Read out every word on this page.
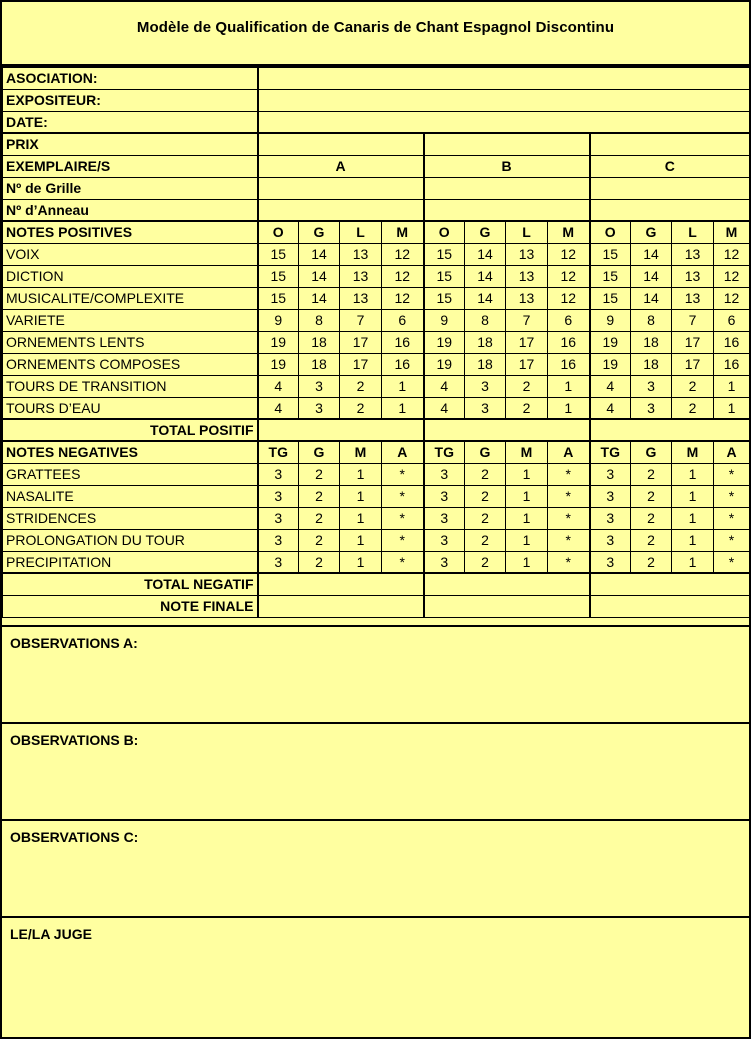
Modèle de Qualification de Canaris de Chant Espagnol Discontinu
ASOCIATION:												
EXPOSITEUR:												
DATE:												
PRIX												
EXEMPLAIRE/S	A				B				C			
Nº de Grille												
Nº d’Anneau												
NOTES POSITIVES	O	G	L	M	O	G	L	M	O	G	L	M
VOIX	15	14	13	12	15	14	13	12	15	14	13	12
DICTION	15	14	13	12	15	14	13	12	15	14	13	12
MUSICALITE/COMPLEXITE	15	14	13	12	15	14	13	12	15	14	13	12
VARIETE	9	8	7	6	9	8	7	6	9	8	7	6
ORNEMENTS LENTS	19	18	17	16	19	18	17	16	19	18	17	16
ORNEMENTS COMPOSES	19	18	17	16	19	18	17	16	19	18	17	16
TOURS DE TRANSITION	4	3	2	1	4	3	2	1	4	3	2	1
TOURS D’EAU	4	3	2	1	4	3	2	1	4	3	2	1
TOTAL POSITIF												
NOTES NEGATIVES	TG	G	M	A	TG	G	M	A	TG	G	M	A
GRATTEES	3	2	1	*	3	2	1	*	3	2	1	*
NASALITE	3	2	1	*	3	2	1	*	3	2	1	*
STRIDENCES	3	2	1	*	3	2	1	*	3	2	1	*
PROLONGATION DU TOUR	3	2	1	*	3	2	1	*	3	2	1	*
PRECIPITATION	3	2	1	*	3	2	1	*	3	2	1	*
TOTAL NEGATIF												
NOTE FINALE												
OBSERVATIONS A:
OBSERVATIONS B:
OBSERVATIONS C:
LE/LA JUGE
